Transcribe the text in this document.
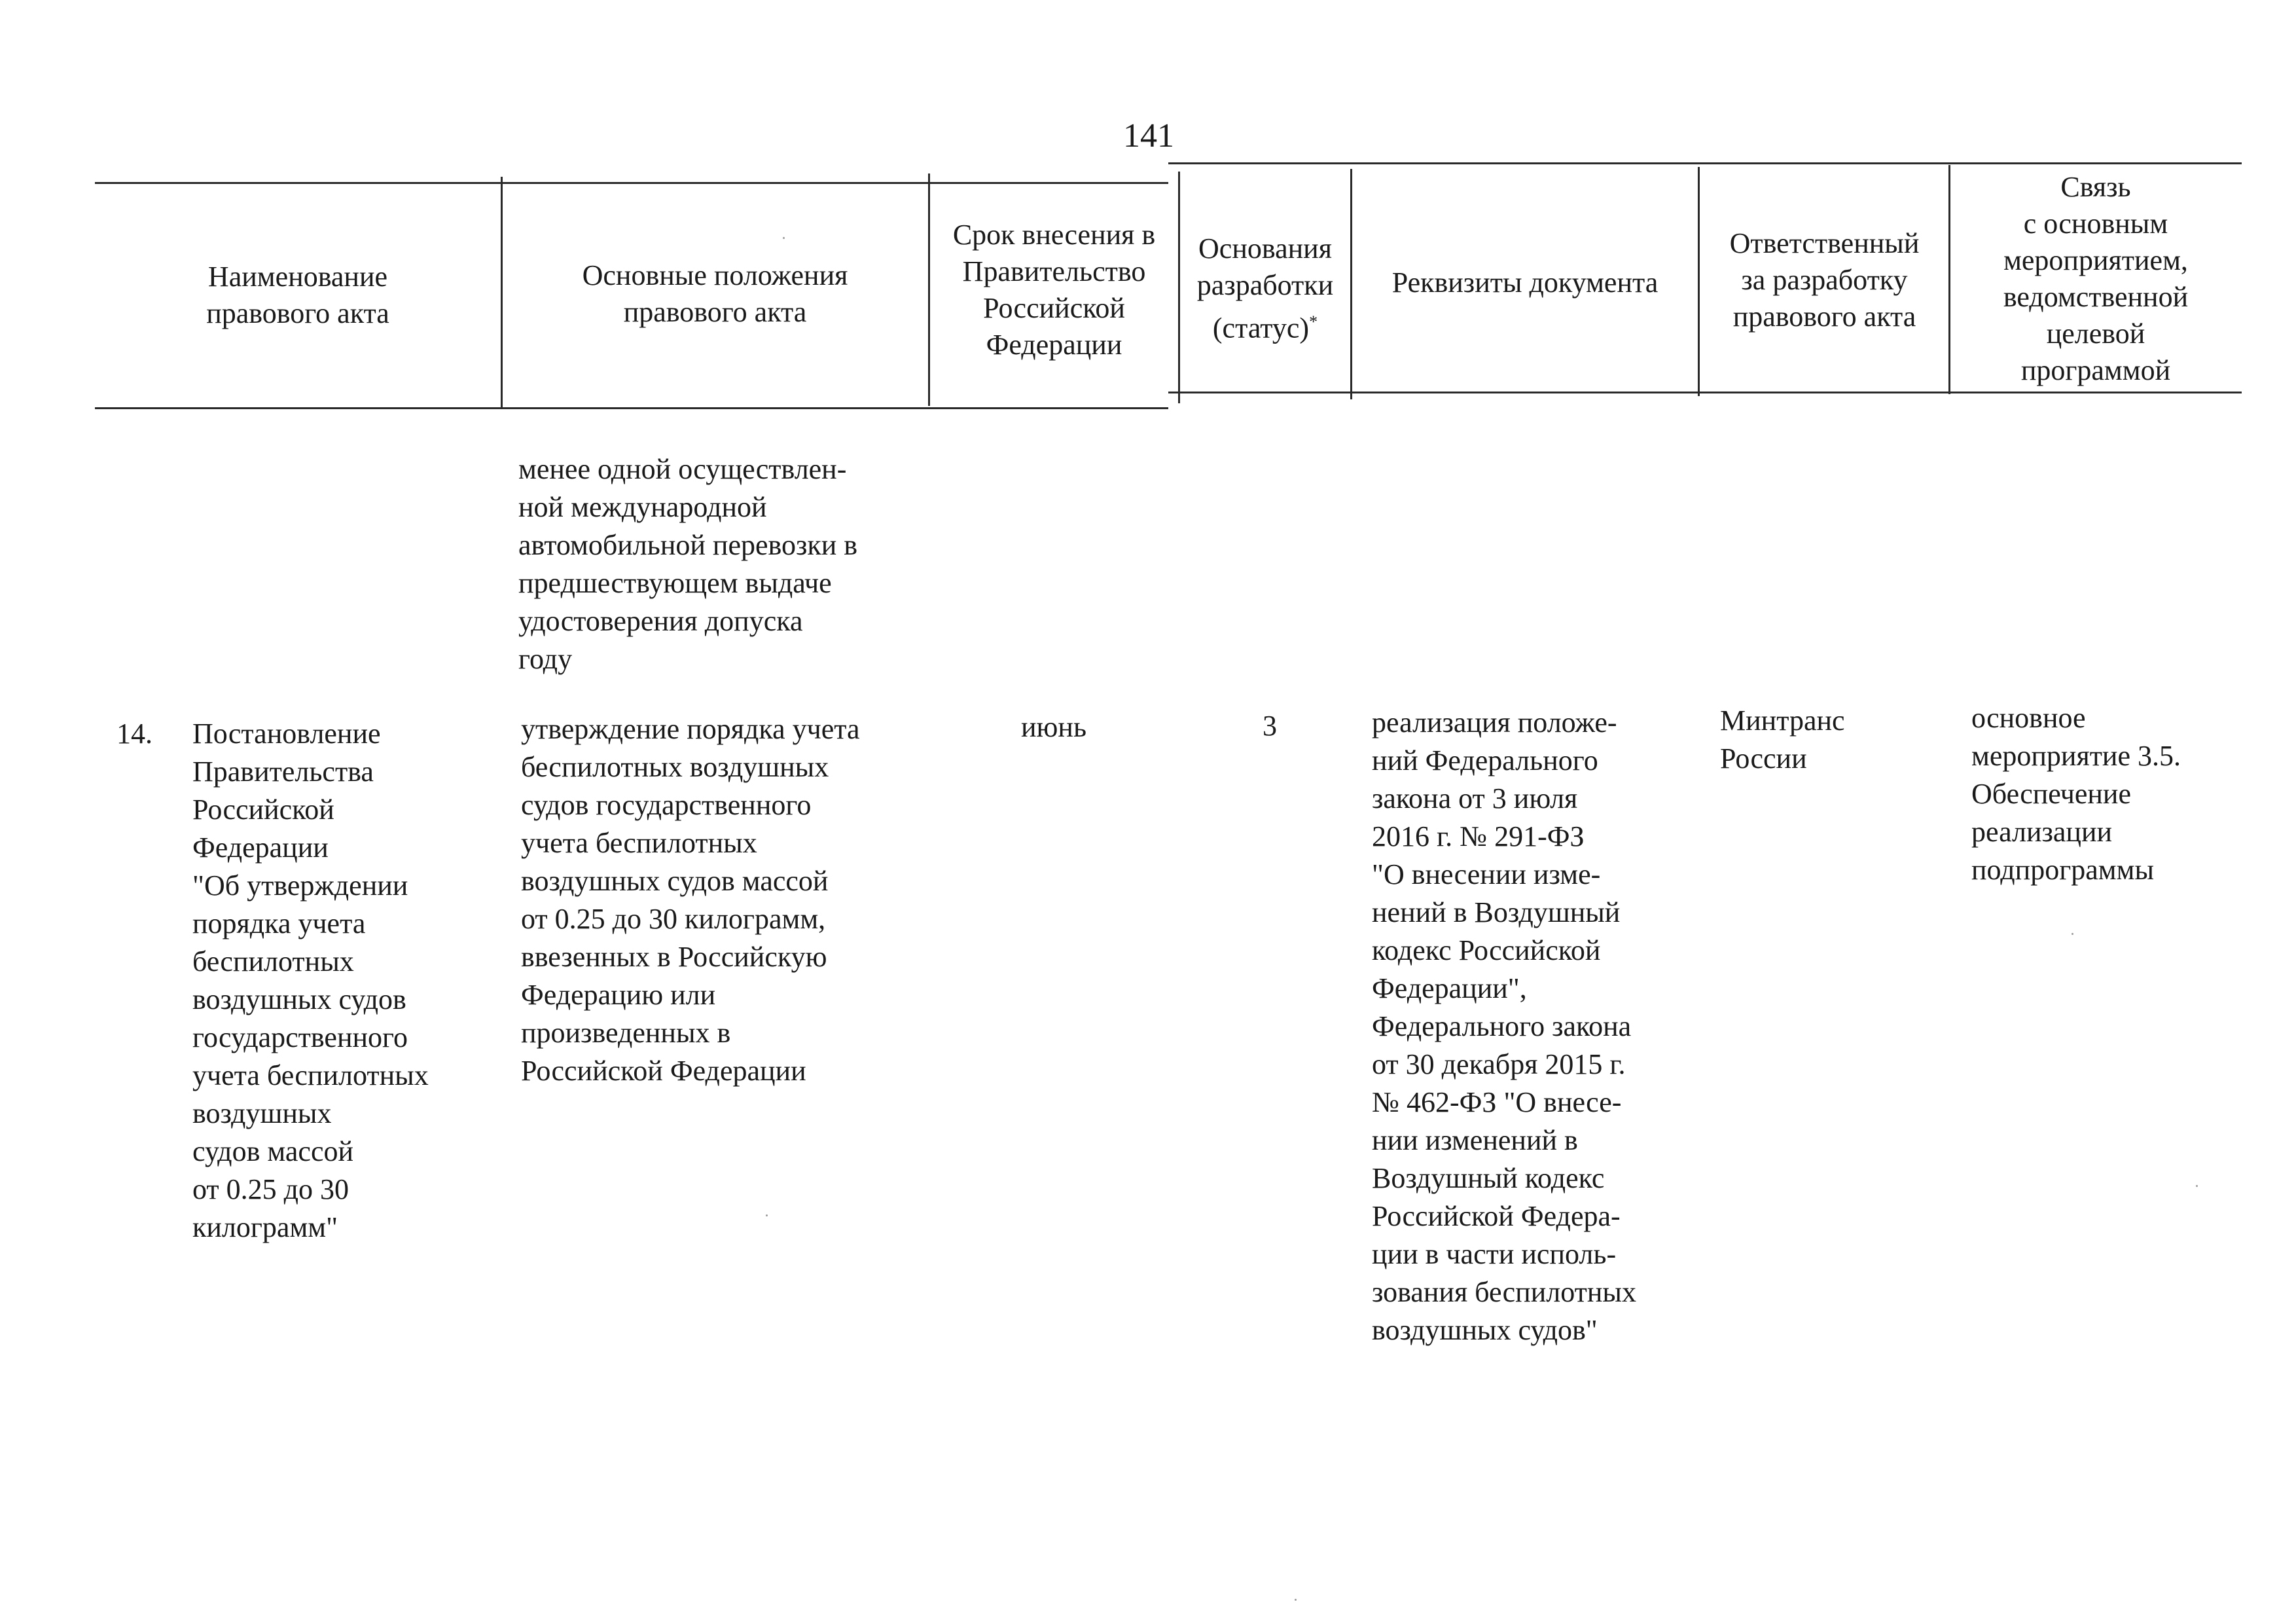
141
Наименование
правового акта
Основные положения
правового акта
Срок внесения в
Правительство
Российской
Федерации
Основания
разработки
(статус)*
Реквизиты документа
Ответственный
за разработку
правового акта
Связь
с основным
мероприятием,
ведомственной
целевой
программой
менее одной осуществлен-
ной международной
автомобильной перевозки в
предшествующем выдаче
удостоверения допуска
году
14. Постановление
Правительства
Российской
Федерации
"Об утверждении
порядка учета
беспилотных
воздушных судов
государственного
учета беспилотных
воздушных
судов массой
от 0.25 до 30
килограмм"
утверждение порядка учета
беспилотных воздушных
судов государственного
учета беспилотных
воздушных судов массой
от 0.25 до 30 килограмм,
ввезенных в Российскую
Федерацию или
произведенных в
Российской Федерации
июнь	3	реализация положе-
ний Федерального
закона от 3 июля
2016 г. № 291-ФЗ
"О внесении изме-
нений в Воздушный
кодекс Российской
Федерации",
Федерального закона
от 30 декабря 2015 г.
№ 462-ФЗ "О внесе-
нии изменений в
Воздушный кодекс
Российской Федера-
ции в части исполь-
зования беспилотных
воздушных судов"
Минтранс
России
основное
мероприятие 3.5.
Обеспечение
реализации
подпрограммы
